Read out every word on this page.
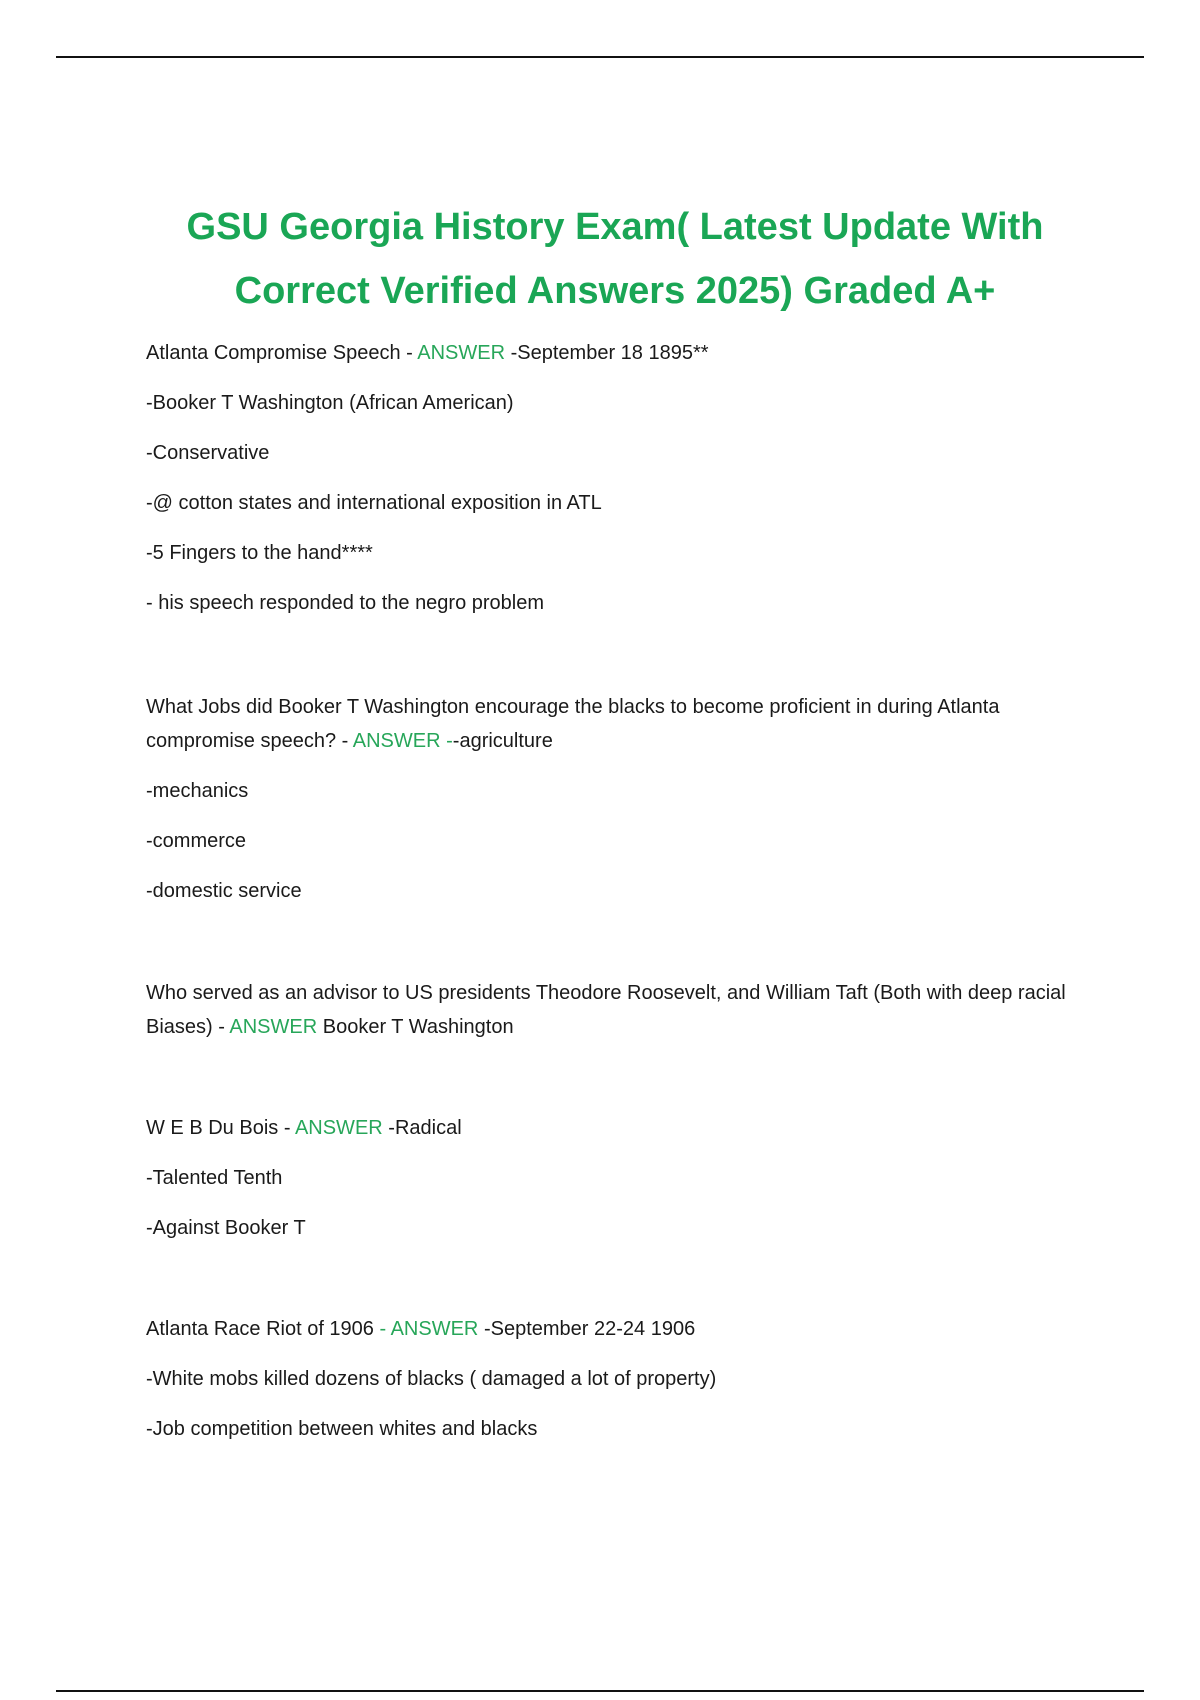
GSU Georgia History Exam( Latest Update With
Correct Verified Answers 2025) Graded A+

Atlanta Compromise Speech - ANSWER -September 18 1895**

-Booker T Washington (African American)

-Conservative

-@ cotton states and international exposition in ATL

-5 Fingers to the hand****

- his speech responded to the negro problem

What Jobs did Booker T Washington encourage the blacks to become proficient in during Atlanta compromise speech? - ANSWER --agriculture

-mechanics

-commerce

-domestic service

Who served as an advisor to US presidents Theodore Roosevelt, and William Taft (Both with deep racial Biases) - ANSWER Booker T Washington

W E B Du Bois - ANSWER -Radical

-Talented Tenth

-Against Booker T

Atlanta Race Riot of 1906 - ANSWER -September 22-24 1906

-White mobs killed dozens of blacks ( damaged a lot of property)

-Job competition between whites and blacks
